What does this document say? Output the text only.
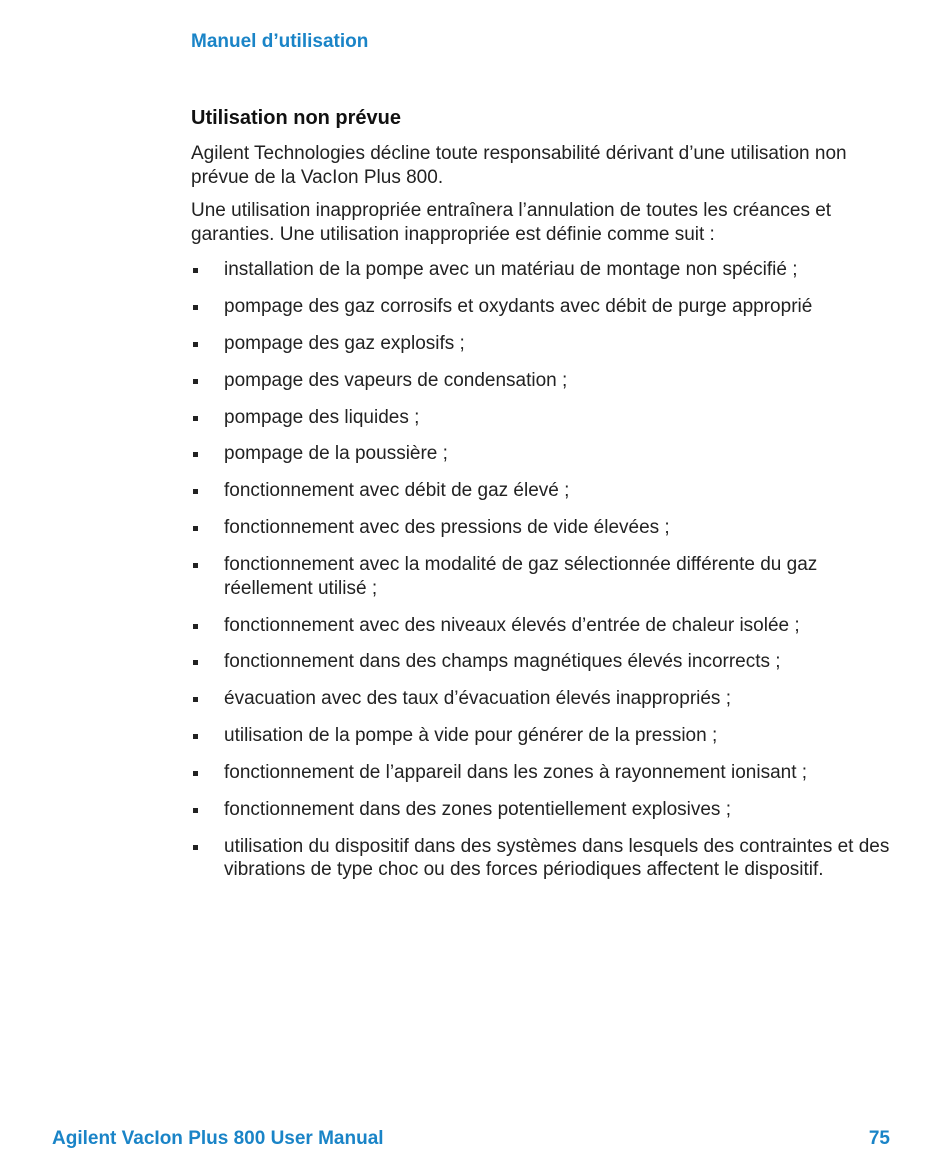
Manuel d’utilisation
Utilisation non prévue

Agilent Technologies décline toute responsabilité dérivant d’une utilisation non prévue de la VacIon Plus 800.

Une utilisation inappropriée entraînera l’annulation de toutes les créances et garanties. Une utilisation inappropriée est définie comme suit :

installation de la pompe avec un matériau de montage non spécifié ;
pompage des gaz corrosifs et oxydants avec débit de purge approprié
pompage des gaz explosifs ;
pompage des vapeurs de condensation ;
pompage des liquides ;
pompage de la poussière ;
fonctionnement avec débit de gaz élevé ;
fonctionnement avec des pressions de vide élevées ;
fonctionnement avec la modalité de gaz sélectionnée différente du gaz réellement utilisé ;
fonctionnement avec des niveaux élevés d’entrée de chaleur isolée ;
fonctionnement dans des champs magnétiques élevés incorrects ;
évacuation avec des taux d’évacuation élevés inappropriés ;
utilisation de la pompe à vide pour générer de la pression ;
fonctionnement de l’appareil dans les zones à rayonnement ionisant ;
fonctionnement dans des zones potentiellement explosives ;
utilisation du dispositif dans des systèmes dans lesquels des contraintes et des vibrations de type choc ou des forces périodiques affectent le dispositif.
Agilent VacIon Plus 800 User Manual	75
